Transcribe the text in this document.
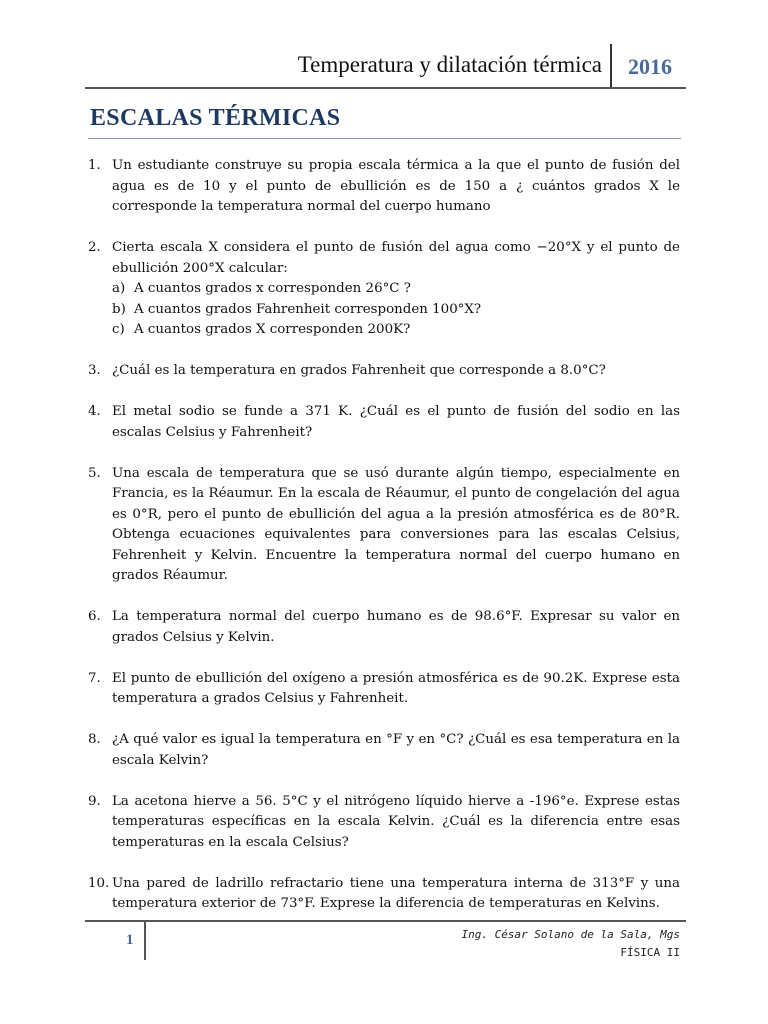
Temperatura y dilatación térmica 2016
ESCALAS TÉRMICAS
1. Un estudiante construye su propia escala térmica a la que el punto de fusión del agua es de 10 y el punto de ebullición es de 150 a ¿ cuántos grados X le corresponde la temperatura normal del cuerpo humano
2. Cierta escala X considera el punto de fusión del agua como −20°X y el punto de ebullición 200°X calcular:
a) A cuantos grados x corresponden 26°C ?
b) A cuantos grados Fahrenheit corresponden 100°X?
c) A cuantos grados X corresponden 200K?
3. ¿Cuál es la temperatura en grados Fahrenheit que corresponde a 8.0°C?
4. El metal sodio se funde a 371 K. ¿Cuál es el punto de fusión del sodio en las escalas Celsius y Fahrenheit?
5. Una escala de temperatura que se usó durante algún tiempo, especialmente en Francia, es la Réaumur. En la escala de Réaumur, el punto de congelación del agua es 0°R, pero el punto de ebullición del agua a la presión atmosférica es de 80°R. Obtenga ecuaciones equivalentes para conversiones para las escalas Celsius, Fehrenheit y Kelvin. Encuentre la temperatura normal del cuerpo humano en grados Réaumur.
6. La temperatura normal del cuerpo humano es de 98.6°F. Expresar su valor en grados Celsius y Kelvin.
7. El punto de ebullición del oxígeno a presión atmosférica es de 90.2K. Exprese esta temperatura a grados Celsius y Fahrenheit.
8. ¿A qué valor es igual la temperatura en °F y en °C? ¿Cuál es esa temperatura en la escala Kelvin?
9. La acetona hierve a 56. 5°C y el nitrógeno líquido hierve a -196°e. Exprese estas temperaturas específicas en la escala Kelvin. ¿Cuál es la diferencia entre esas temperaturas en la escala Celsius?
10. Una pared de ladrillo refractario tiene una temperatura interna de 313°F y una temperatura exterior de 73°F. Exprese la diferencia de temperaturas en Kelvins.
1	Ing. César Solano de la Sala, Mgs
FÍSICA II
